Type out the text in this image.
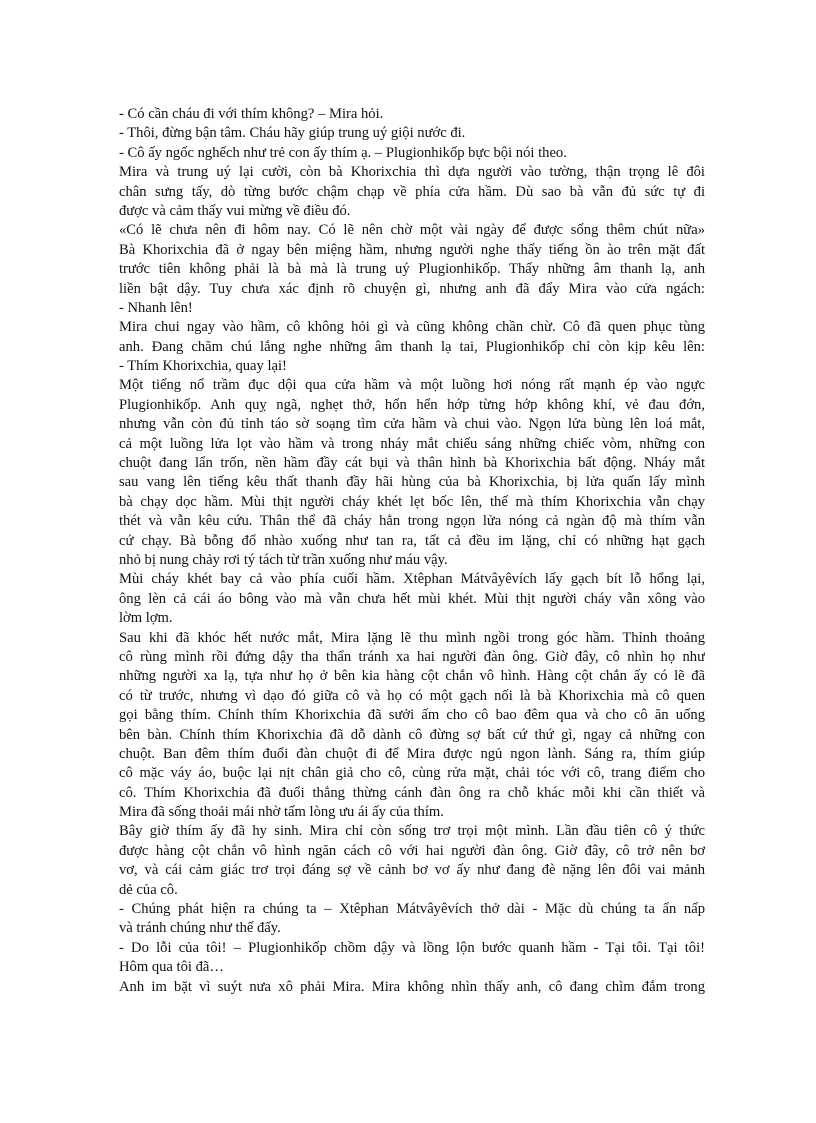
- Có cần cháu đi với thím không? – Mira hỏi.
- Thôi, đừng bận tâm. Cháu hãy giúp trung uý giội nước đi.
- Cô ấy ngốc nghếch như trẻ con ấy thím ạ. – Plugionhikốp bực bội nói theo.
Mira và trung uý lại cười, còn bà Khorixchia thì dựa người vào tường, thận trọng lê đôi
chân sưng tấy, dò từng bước chậm chạp về phía cửa hầm. Dù sao bà vẫn đủ sức tự đi
được và cảm thấy vui mừng về điều đó.
«Có lẽ chưa nên đi hôm nay. Có lẽ nên chờ một vài ngày để được sống thêm chút nữa»
Bà Khorixchia đã ở ngay bên miệng hầm, nhưng người nghe thấy tiếng ồn ào trên mặt đất
trước tiên không phải là bà mà là trung uý Plugionhikốp. Thấy những âm thanh lạ, anh
liền bật dậy. Tuy chưa xác định rõ chuyện gì, nhưng anh đã đẩy Mira vào cửa ngách:
- Nhanh lên!
Mira chui ngay vào hầm, cô không hỏi gì và cũng không chần chừ. Cô đã quen phục tùng
anh. Đang chăm chú lắng nghe những âm thanh lạ tai, Plugionhikốp chỉ còn kịp kêu lên:
- Thím Khorixchia, quay lại!
Một tiếng nổ trầm đục dội qua cửa hầm và một luồng hơi nóng rất mạnh ép vào ngực
Plugionhikốp. Anh quỵ ngã, nghẹt thở, hổn hển hớp từng hớp không khí, vẻ đau đớn,
nhưng vẫn còn đủ tỉnh táo sờ soạng tìm cửa hầm và chui vào. Ngọn lửa bùng lên loá mắt,
cả một luồng lửa lọt vào hầm và trong nháy mắt chiếu sáng những chiếc vòm, những con
chuột đang lẩn trốn, nền hầm đầy cát bụi và thân hình bà Khorixchia bất động. Nháy mắt
sau vang lên tiếng kêu thất thanh đầy hãi hùng của bà Khorixchia, bị lửa quấn lấy mình
bà chạy dọc hầm. Mùi thịt người cháy khét lẹt bốc lên, thế mà thím Khorixchia vẫn chạy
thét và vẫn kêu cứu. Thân thể đã cháy hẳn trong ngọn lửa nóng cả ngàn độ mà thím vẫn
cứ chạy. Bà bỗng đổ nhào xuống như tan ra, tất cả đều im lặng, chỉ có những hạt gạch
nhỏ bị nung chảy rơi tý tách từ trần xuống như máu vậy.
Mùi cháy khét bay cả vào phía cuối hầm. Xtêphan Mátvâyêvích lấy gạch bít lỗ hổng lại,
ông lèn cả cái áo bông vào mà vẫn chưa hết mùi khét. Mùi thịt người cháy vẫn xông vào
lờm lợm.
Sau khi đã khóc hết nước mắt, Mira lặng lẽ thu mình ngồi trong góc hầm. Thỉnh thoảng
cô rùng mình rồi đứng dậy tha thẩn tránh xa hai người đàn ông. Giờ đây, cô nhìn họ như
những người xa lạ, tựa như họ ở bên kia hàng cột chắn vô hình. Hàng cột chắn ấy có lẽ đã
có từ trước, nhưng vì dạo đó giữa cô và họ có một gạch nối là bà Khorixchia mà cô quen
gọi bằng thím. Chính thím Khorixchia đã sưởi ấm cho cô bao đêm qua và cho cô ăn uống
bên bàn. Chính thím Khorixchia đã dỗ dành cô đừng sợ bất cứ thứ gì, ngay cả những con
chuột. Ban đêm thím đuổi đàn chuột đi để Mira được ngủ ngon lành. Sáng ra, thím giúp
cô mặc váy áo, buộc lại nịt chân giả cho cô, cùng rửa mặt, chải tóc với cô, trang điểm cho
cô. Thím Khorixchia đã đuổi thẳng thừng cánh đàn ông ra chỗ khác mỗi khi cần thiết và
Mira đã sống thoải mái nhờ tấm lòng ưu ái ấy của thím.
Bây giờ thím ấy đã hy sinh. Mira chỉ còn sống trơ trọi một mình. Lần đầu tiên cô ý thức
được hàng cột chắn vô hình ngăn cách cô với hai người đàn ông. Giờ đây, cô trở nên bơ
vơ, và cái cảm giác trơ trọi đáng sợ về cảnh bơ vơ ấy như đang đè nặng lên đôi vai mảnh
dẻ của cô.
- Chúng phát hiện ra chúng ta – Xtêphan Mátvâyêvích thở dài - Mặc dù chúng ta ẩn nấp
và tránh chúng như thế đấy.
- Do lỗi của tôi! – Plugionhikốp chồm dậy và lồng lộn bước quanh hầm - Tại tôi. Tại tôi!
Hôm qua tôi đã…
Anh im bặt vì suýt nưa xô phải Mira. Mira không nhìn thấy anh, cô đang chìm đắm trong
